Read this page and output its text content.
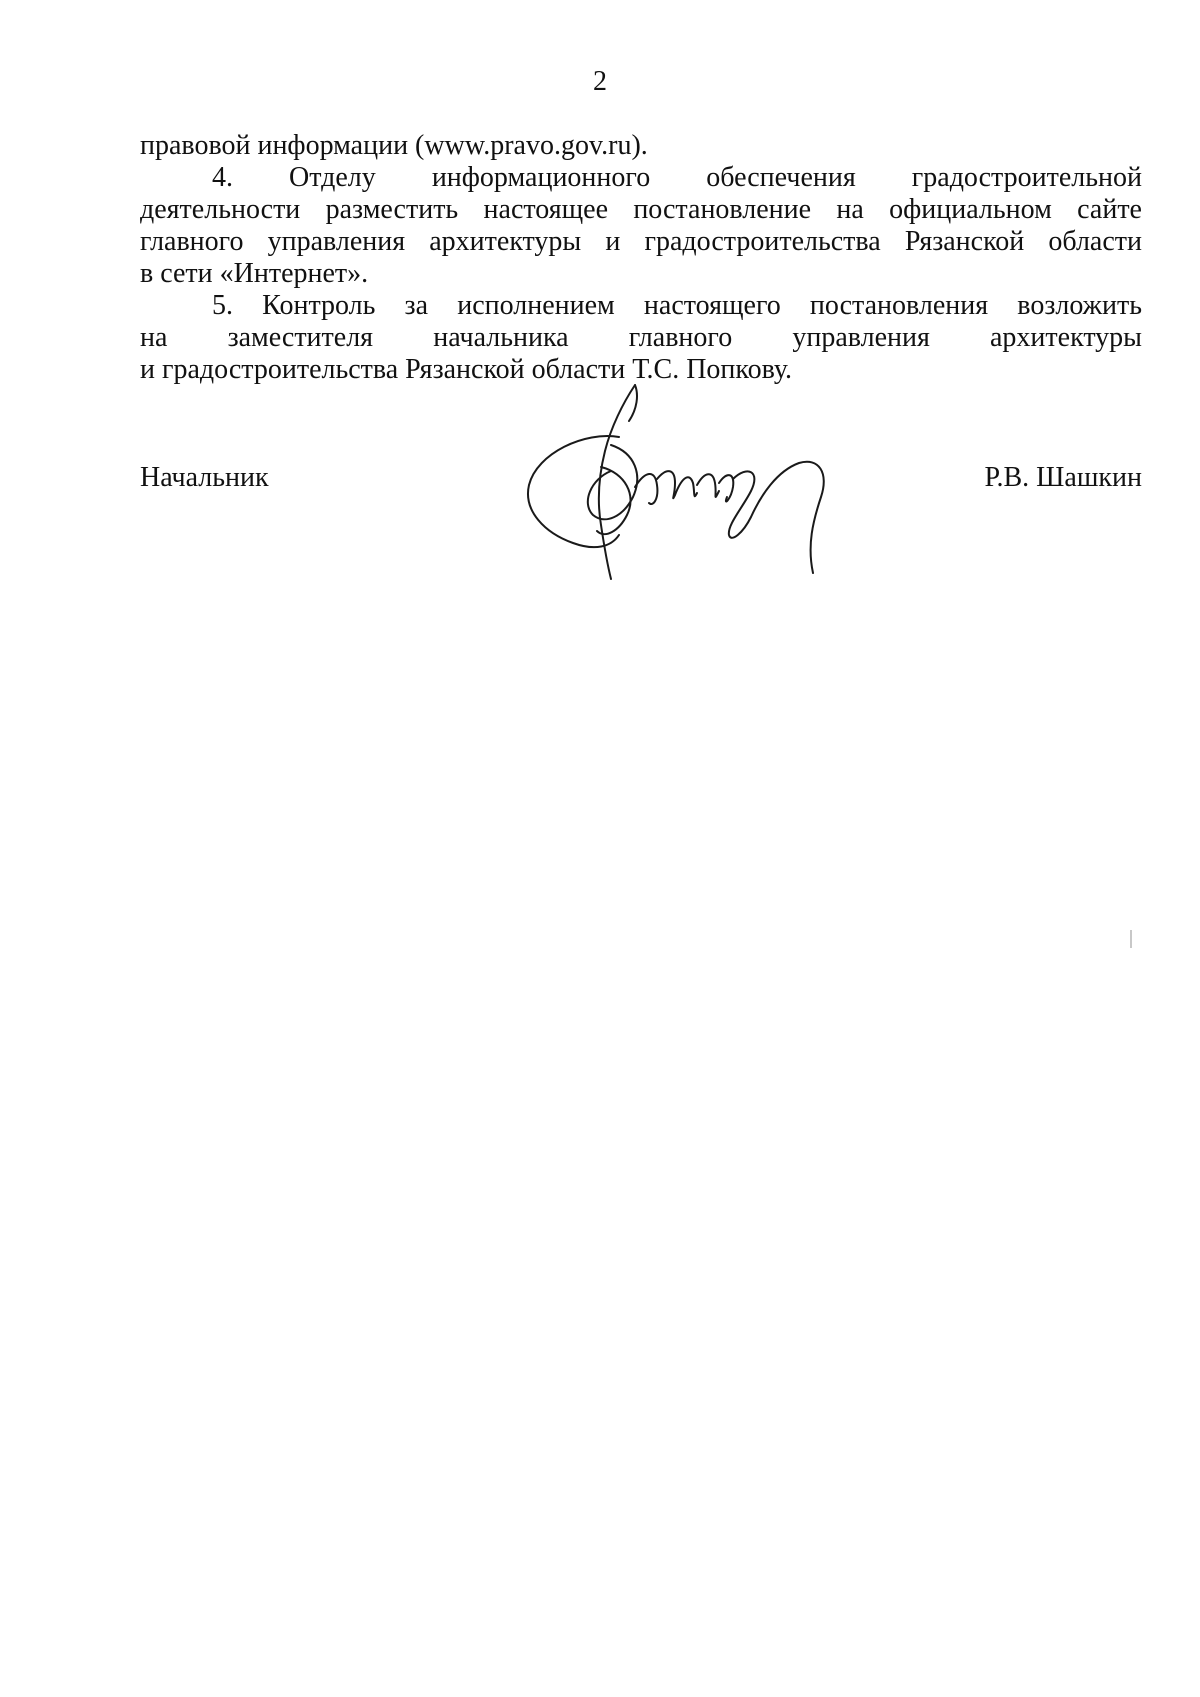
2
правовой информации (www.pravo.gov.ru).
4. Отделу информационного обеспечения градостроительной
деятельности разместить настоящее постановление на официальном сайте
главного управления архитектуры и градостроительства Рязанской области
в сети «Интернет».
5. Контроль за исполнением настоящего постановления возложить
на заместителя начальника главного управления архитектуры
и градостроительства Рязанской области Т.С. Попкову.
Начальник	Р.В. Шашкин
